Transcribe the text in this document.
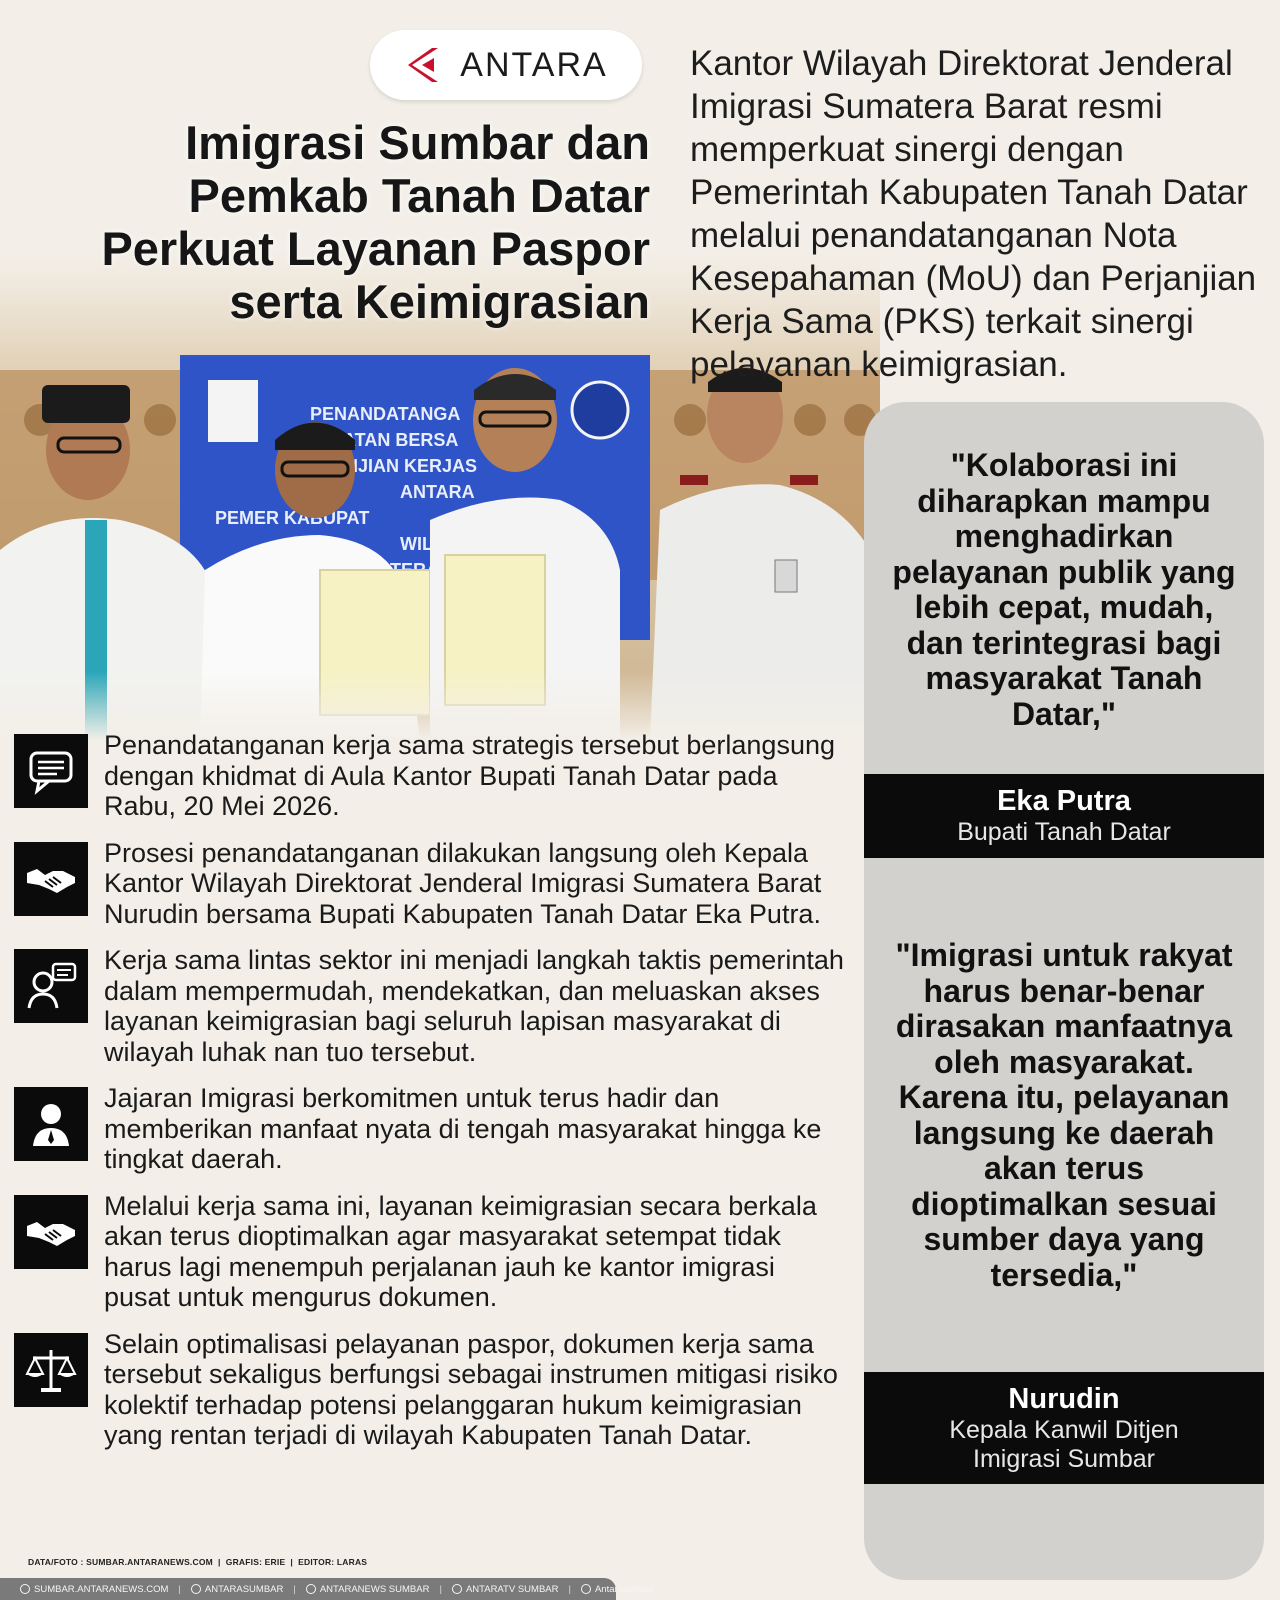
ANTARA
Imigrasi Sumbar dan
Pemkab Tanah Datar
Perkuat Layanan Paspor
serta Keimigrasian

Kantor Wilayah Direktorat Jenderal Imigrasi Sumatera Barat resmi memperkuat sinergi dengan Pemerintah Kabupaten Tanah Datar melalui penandatanganan Nota Kesepahaman (MoU) dan Perjanjian Kerja Sama (PKS) terkait sinergi pelayanan keimigrasian.

Penandatanganan kerja sama strategis tersebut berlangsung dengan khidmat di Aula Kantor Bupati Tanah Datar pada Rabu, 20 Mei 2026.

Prosesi penandatanganan dilakukan langsung oleh Kepala Kantor Wilayah Direktorat Jenderal Imigrasi Sumatera Barat Nurudin bersama Bupati Kabupaten Tanah Datar Eka Putra.

Kerja sama lintas sektor ini menjadi langkah taktis pemerintah dalam mempermudah, mendekatkan, dan meluaskan akses layanan keimigrasian bagi seluruh lapisan masyarakat di wilayah luhak nan tuo tersebut.

Jajaran Imigrasi berkomitmen untuk terus hadir dan memberikan manfaat nyata di tengah masyarakat hingga ke tingkat daerah.

Melalui kerja sama ini, layanan keimigrasian secara berkala akan terus dioptimalkan agar masyarakat setempat tidak harus lagi menempuh perjalanan jauh ke kantor imigrasi pusat untuk mengurus dokumen.

Selain optimalisasi pelayanan paspor, dokumen kerja sama tersebut sekaligus berfungsi sebagai instrumen mitigasi risiko kolektif terhadap potensi pelanggaran hukum keimigrasian yang rentan terjadi di wilayah Kabupaten Tanah Datar.

"Kolaborasi ini diharapkan mampu menghadirkan pelayanan publik yang lebih cepat, mudah, dan terintegrasi bagi masyarakat Tanah Datar,"

Eka Putra
Bupati Tanah Datar

"Imigrasi untuk rakyat harus benar-benar dirasakan manfaatnya oleh masyarakat. Karena itu, pelayanan langsung ke daerah akan terus dioptimalkan sesuai sumber daya yang tersedia,"

Nurudin
Kepala Kanwil Ditjen
Imigrasi Sumbar
DATA/FOTO : SUMBAR.ANTARANEWS.COM  |  GRAFIS: ERIE  |  EDITOR: LARAS
SUMBAR.ANTARANEWS.COM |	ANTARASUMBAR |	ANTARANEWS SUMBAR |	ANTARATV SUMBAR |	Antarasumbar
